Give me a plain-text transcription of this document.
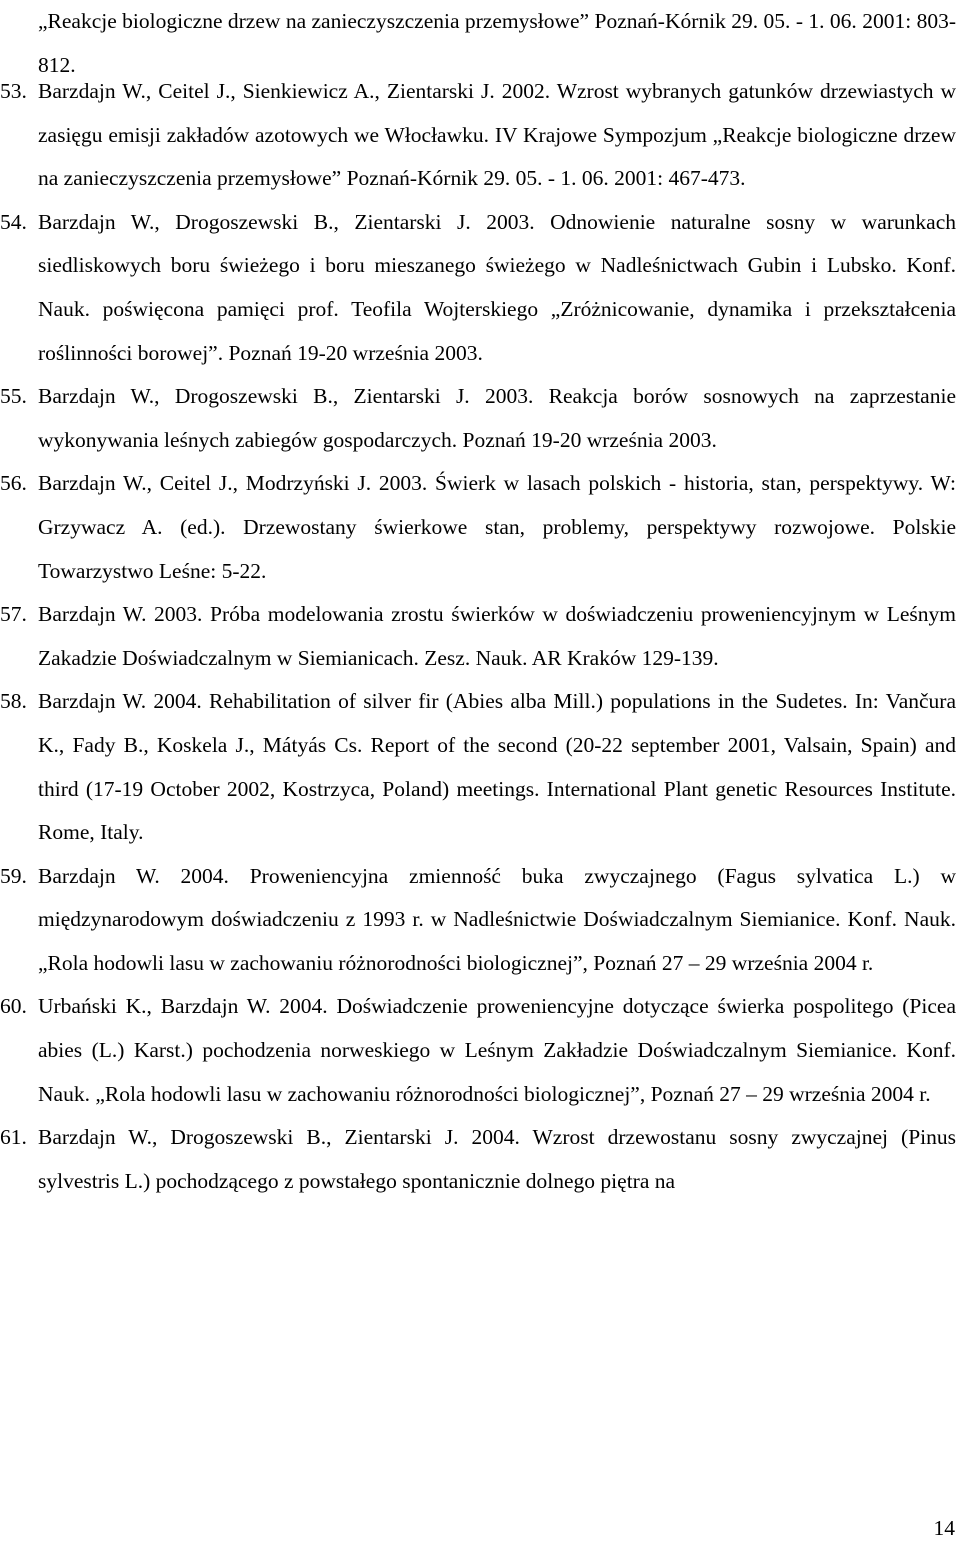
„Reakcje biologiczne drzew na zanieczyszczenia przemysłowe” Poznań-Kórnik 29. 05. - 1. 06. 2001: 803-812.

53. Barzdajn W., Ceitel J., Sienkiewicz A., Zientarski J. 2002. Wzrost wybranych gatunków drzewiastych w zasięgu emisji zakładów azotowych we Włocławku. IV Krajowe Sympozjum „Reakcje biologiczne drzew na zanieczyszczenia przemysłowe” Poznań-Kórnik 29. 05. - 1. 06. 2001: 467-473.
54. Barzdajn W., Drogoszewski B., Zientarski J. 2003. Odnowienie naturalne sosny w warunkach siedliskowych boru świeżego i boru mieszanego świeżego w Nadleśnictwach Gubin i Lubsko. Konf. Nauk. poświęcona pamięci prof. Teofila Wojterskiego „Zróżnicowanie, dynamika i przekształcenia roślinności borowej”. Poznań 19-20 września 2003.
55. Barzdajn W., Drogoszewski B., Zientarski J. 2003. Reakcja borów sosnowych na zaprzestanie wykonywania leśnych zabiegów gospodarczych. Poznań 19-20 września 2003.
56. Barzdajn W., Ceitel J., Modrzyński J. 2003. Świerk w lasach polskich - historia, stan, perspektywy. W: Grzywacz A. (ed.). Drzewostany świerkowe stan, problemy, perspektywy rozwojowe. Polskie Towarzystwo Leśne: 5-22.
57. Barzdajn W. 2003. Próba modelowania zrostu świerków w doświadczeniu proweniencyjnym w Leśnym Zakadzie Doświadczalnym w Siemianicach. Zesz. Nauk. AR Kraków 129-139.
58. Barzdajn W. 2004. Rehabilitation of silver fir (Abies alba Mill.) populations in the Sudetes. In: Vančura K., Fady B., Koskela J., Mátyás Cs. Report of the second (20-22 september 2001, Valsain, Spain) and third (17-19 October 2002, Kostrzyca, Poland) meetings. International Plant genetic Resources Institute. Rome, Italy.
59. Barzdajn W. 2004. Proweniencyjna zmienność buka zwyczajnego (Fagus sylvatica L.) w międzynarodowym doświadczeniu z 1993 r. w Nadleśnictwie Doświadczalnym Siemianice. Konf. Nauk. „Rola hodowli lasu w zachowaniu różnorodności biologicznej”, Poznań 27 – 29 września 2004 r.
60. Urbański K., Barzdajn W. 2004. Doświadczenie proweniencyjne dotyczące świerka pospolitego (Picea abies (L.) Karst.) pochodzenia norweskiego w Leśnym Zakładzie Doświadczalnym Siemianice. Konf. Nauk. „Rola hodowli lasu w zachowaniu różnorodności biologicznej”, Poznań 27 – 29 września 2004 r.
61. Barzdajn W., Drogoszewski B., Zientarski J. 2004. Wzrost drzewostanu sosny zwyczajnej (Pinus sylvestris L.) pochodzącego z powstałego spontanicznie dolnego piętra na
14
